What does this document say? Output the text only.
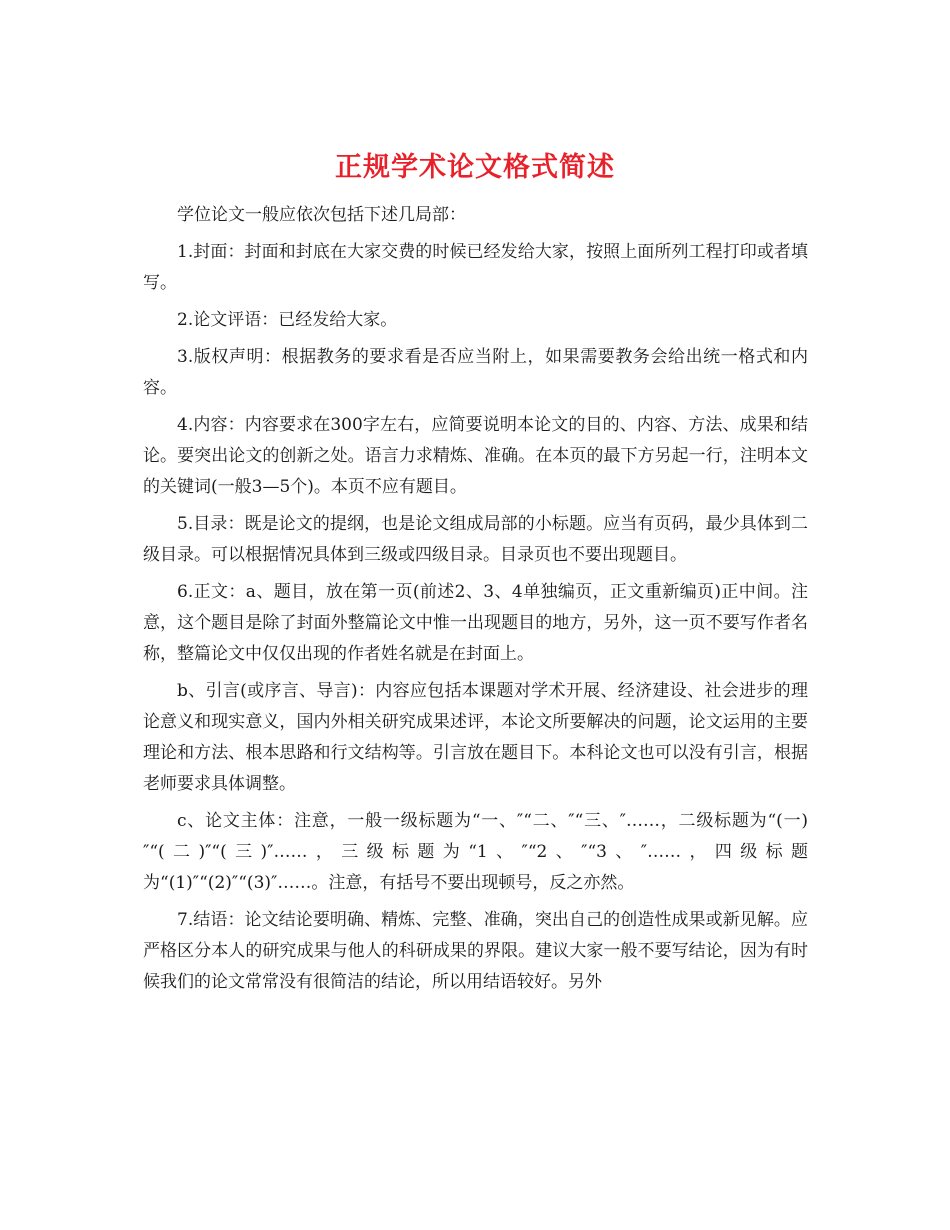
正规学术论文格式简述

学位论文一般应依次包括下述几局部：

1.封面：封面和封底在大家交费的时候已经发给大家，按照上面所列工程打印或者填写。

2.论文评语：已经发给大家。

3.版权声明：根据教务的要求看是否应当附上，如果需要教务会给出统一格式和内容。

4.内容：内容要求在300字左右，应简要说明本论文的目的、内容、方法、成果和结论。要突出论文的创新之处。语言力求精炼、准确。在本页的最下方另起一行，注明本文的关键词(一般3—5个)。本页不应有题目。

5.目录：既是论文的提纲，也是论文组成局部的小标题。应当有页码，最少具体到二级目录。可以根据情况具体到三级或四级目录。目录页也不要出现题目。

6.正文：a、题目，放在第一页(前述2、3、4单独编页，正文重新编页)正中间。注意，这个题目是除了封面外整篇论文中惟一出现题目的地方，另外，这一页不要写作者名称，整篇论文中仅仅出现的作者姓名就是在封面上。

b、引言(或序言、导言)：内容应包括本课题对学术开展、经济建设、社会进步的理论意义和现实意义，国内外相关研究成果述评，本论文所要解决的问题，论文运用的主要理论和方法、根本思路和行文结构等。引言放在题目下。本科论文也可以没有引言，根据老师要求具体调整。

c、论文主体：注意，一般一级标题为“一、″“二、″“三、″……，二级标题为“(一)″“(二)″“(三)″……，三级标题为“1、″“2、″“3、″……，四级标题为“(1)″“(2)″“(3)″……。注意，有括号不要出现顿号，反之亦然。

7.结语：论文结论要明确、精炼、完整、准确，突出自己的创造性成果或新见解。应严格区分本人的研究成果与他人的科研成果的界限。建议大家一般不要写结论，因为有时候我们的论文常常没有很简洁的结论，所以用结语较好。另外
